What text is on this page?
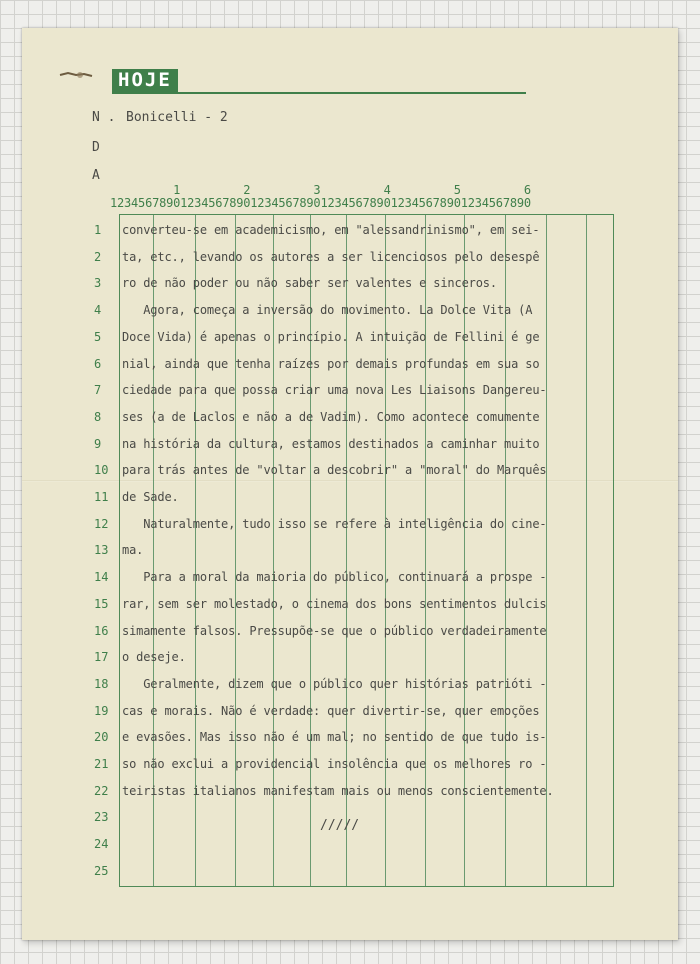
HOJE
N . Bonicelli - 2
D
A
1         2         3         4         5         6
123456789012345678901234567890123456789012345678901234567890
converteu-se em academicismo, em "alessandrinismo", em sei-
ta, etc., levando os autores a ser licenciosos pelo desespê
ro de não poder ou não saber ser valentes e sinceros.
Agora, começa a inversão do movimento. La Dolce Vita (A
Doce Vida) é apenas o princípio. A intuição de Fellini é ge
nial, ainda que tenha raízes por demais profundas em sua so
ciedade para que possa criar uma nova Les Liaisons Dangereu-
ses (a de Laclos e não a de Vadim). Como acontece comumente
na história da cultura, estamos destinados a caminhar muito
para trás antes de "voltar a descobrir" a "moral" do Marquês
de Sade.
Naturalmente, tudo isso se refere à inteligência do cine-
ma.
Para a moral da maioria do público, continuará a prospe -
rar, sem ser molestado, o cinema dos bons sentimentos dulcis
simamente falsos. Pressupõe-se que o público verdadeiramente
o deseje.
Geralmente, dizem que o público quer histórias patrióti -
cas e morais. Não é verdade: quer divertir-se, quer emoções
e evasões. Mas isso não é um mal; no sentido de que tudo is-
so não exclui a providencial insolência que os melhores ro -
teiristas italianos manifestam mais ou menos conscientemente.
/////
1
2
3
4
5
6
7
8
9
10
11
12
13
14
15
16
17
18
19
20
21
22
23
24
25
